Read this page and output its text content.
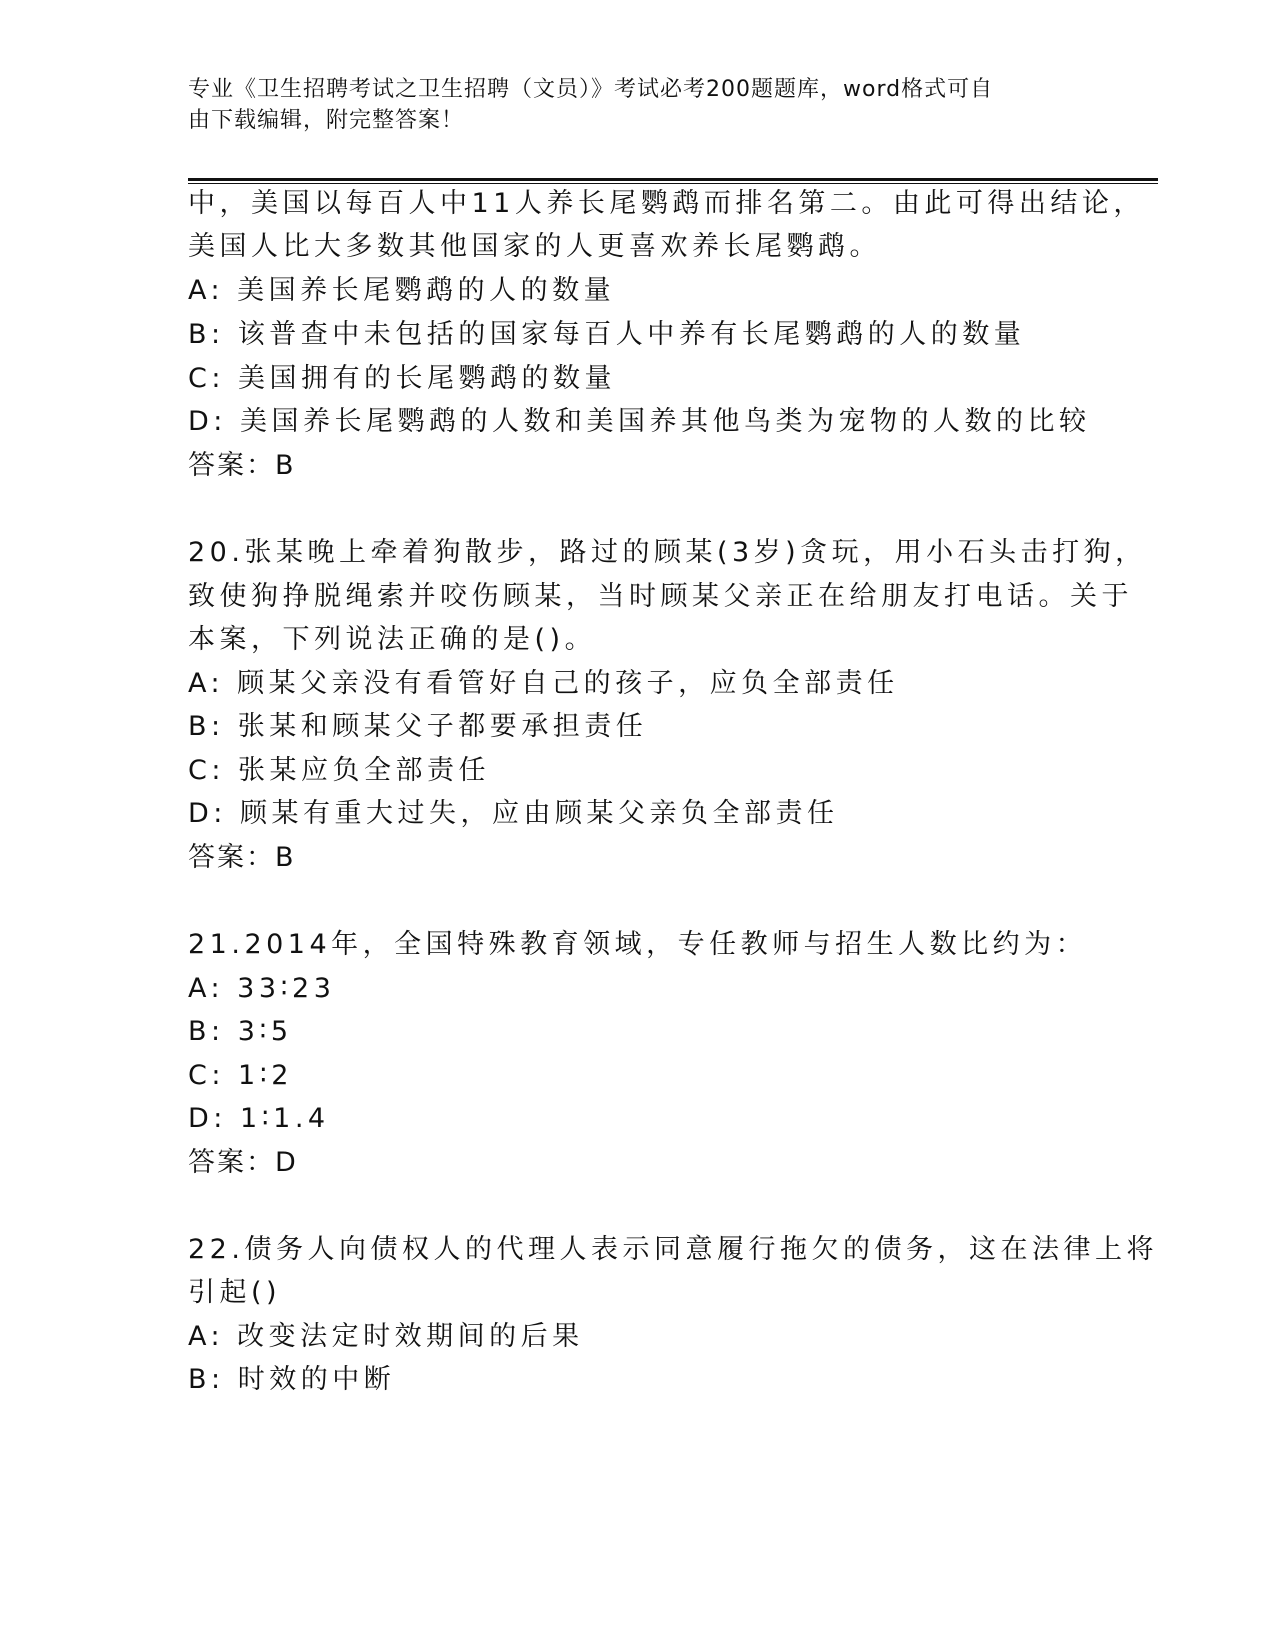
专业《卫生招聘考试之卫生招聘（文员）》考试必考200题题库，word格式可自
由下载编辑，附完整答案！
中，美国以每百人中11人养长尾鹦鹉而排名第二。由此可得出结论，
美国人比大多数其他国家的人更喜欢养长尾鹦鹉。
A: 美国养长尾鹦鹉的人的数量
B: 该普查中未包括的国家每百人中养有长尾鹦鹉的人的数量
C: 美国拥有的长尾鹦鹉的数量
D: 美国养长尾鹦鹉的人数和美国养其他鸟类为宠物的人数的比较
答案：B
20.张某晚上牵着狗散步，路过的顾某(3岁)贪玩，用小石头击打狗，
致使狗挣脱绳索并咬伤顾某，当时顾某父亲正在给朋友打电话。关于
本案，下列说法正确的是()。
A: 顾某父亲没有看管好自己的孩子，应负全部责任
B: 张某和顾某父子都要承担责任
C: 张某应负全部责任
D: 顾某有重大过失，应由顾某父亲负全部责任
答案：B
21.2014年，全国特殊教育领域，专任教师与招生人数比约为：
A: 33∶23
B: 3∶5
C: 1∶2
D: 1∶1.4
答案：D
22.债务人向债权人的代理人表示同意履行拖欠的债务，这在法律上将
引起()
A: 改变法定时效期间的后果
B: 时效的中断
